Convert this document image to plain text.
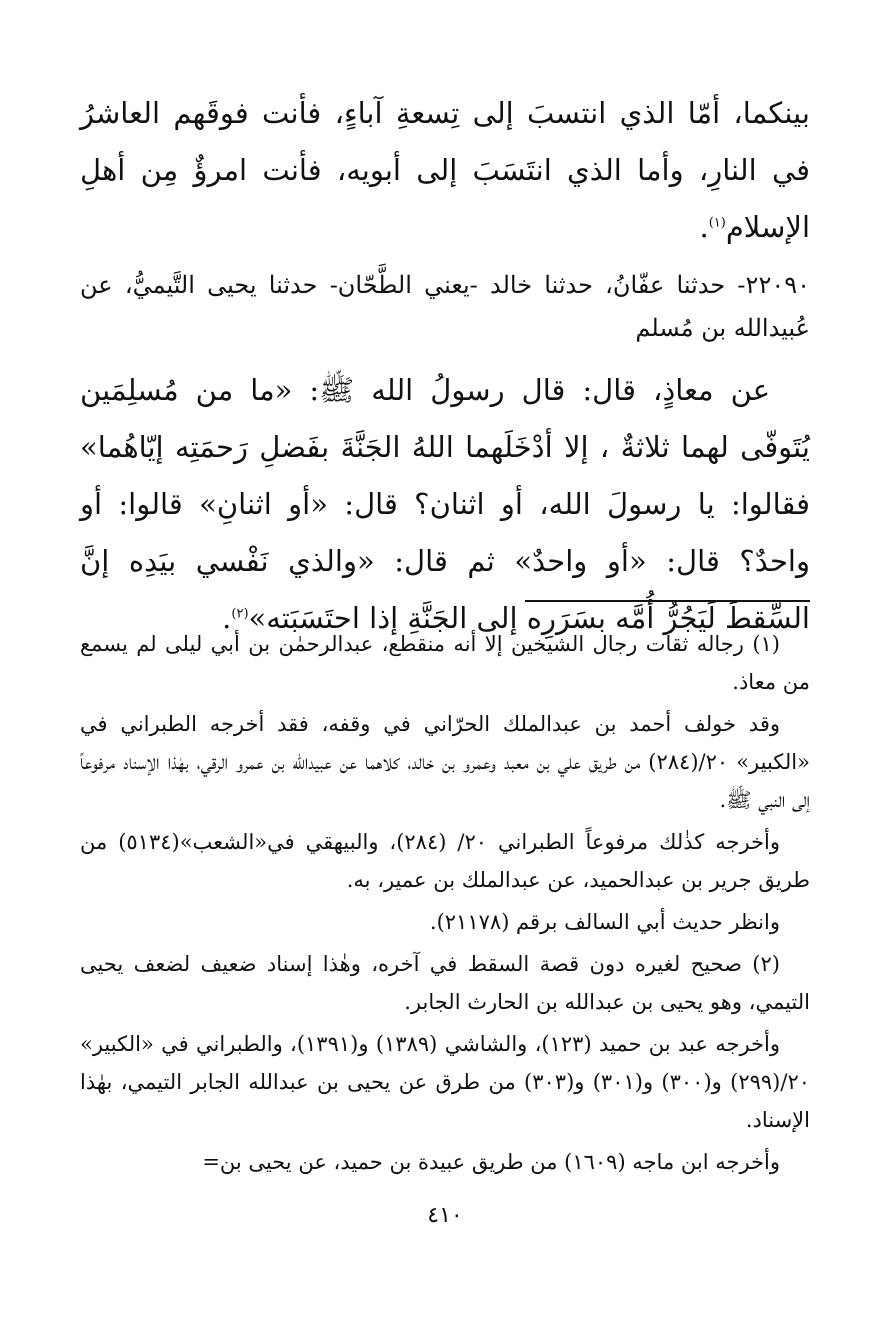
بينكما، أمّا الذي انتسبَ إلى تِسعةِ آباءٍ، فأنت فوقَهم العاشرُ في النارِ، وأما الذي انتَسَبَ إلى أبويه، فأنت امرؤٌ مِن أهلِ الإسلام$^{(١)}$.

٢٢٠٩٠- حدثنا عفّانُ، حدثنا خالد -يعني الطَّحّان- حدثنا يحيى التَّيميُّ، عن عُبيدالله بن مُسلم

عن معاذٍ، قال: قال رسولُ الله ﷺ: «ما من مُسلِمَين يُتَوفّى لهما ثلاثةٌ ، إلا أدْخَلَهما اللهُ الجَنَّةَ بفَضلِ رَحمَتِه إيّاهُما» فقالوا: يا رسولَ الله، أو اثنان؟ قال: «أو اثنانِ» قالوا: أو واحدٌ؟ قال: «أو واحدٌ» ثم قال: «والذي نَفْسي بيَدِه إنَّ السِّقطَ لَيَجُرُّ أُمَّه بسَرَرِه إلى الجَنَّةِ إذا احتَسَبَته»$^{(٢)}$.

(١) رجاله ثقات رجال الشيخين إلا أنه منقطع، عبدالرحمٰن بن أبي ليلى لم يسمع من معاذ.

وقد خولف أحمد بن عبدالملك الحرّاني في وقفه، فقد أخرجه الطبراني في «الكبير» ٢٠/(٢٨٤) من طريق علي بن معبد وعمرو بن خالد، كلاهما عن عبيدالله بن عمرو الرقي، بهٰذا الإسناد مرفوعاً إلى النبي ﷺ.

وأخرجه كذٰلك مرفوعاً الطبراني ٢٠/ (٢٨٤)، والبيهقي في«الشعب»(٥١٣٤) من طريق جرير بن عبدالحميد، عن عبدالملك بن عمير، به.

وانظر حديث أبي السالف برقم (٢١١٧٨).

(٢) صحيح لغيره دون قصة السقط في آخره، وهٰذا إسناد ضعيف لضعف يحيى التيمي، وهو يحيى بن عبدالله بن الحارث الجابر.

وأخرجه عبد بن حميد (١٢٣)، والشاشي (١٣٨٩) و(١٣٩١)، والطبراني في «الكبير» ٢٠/(٢٩٩) و(٣٠٠) و(٣٠١) و(٣٠٣) من طرق عن يحيى بن عبدالله الجابر التيمي، بهٰذا الإسناد.

وأخرجه ابن ماجه (١٦٠٩) من طريق عبيدة بن حميد، عن يحيى بن=

٤١٠
